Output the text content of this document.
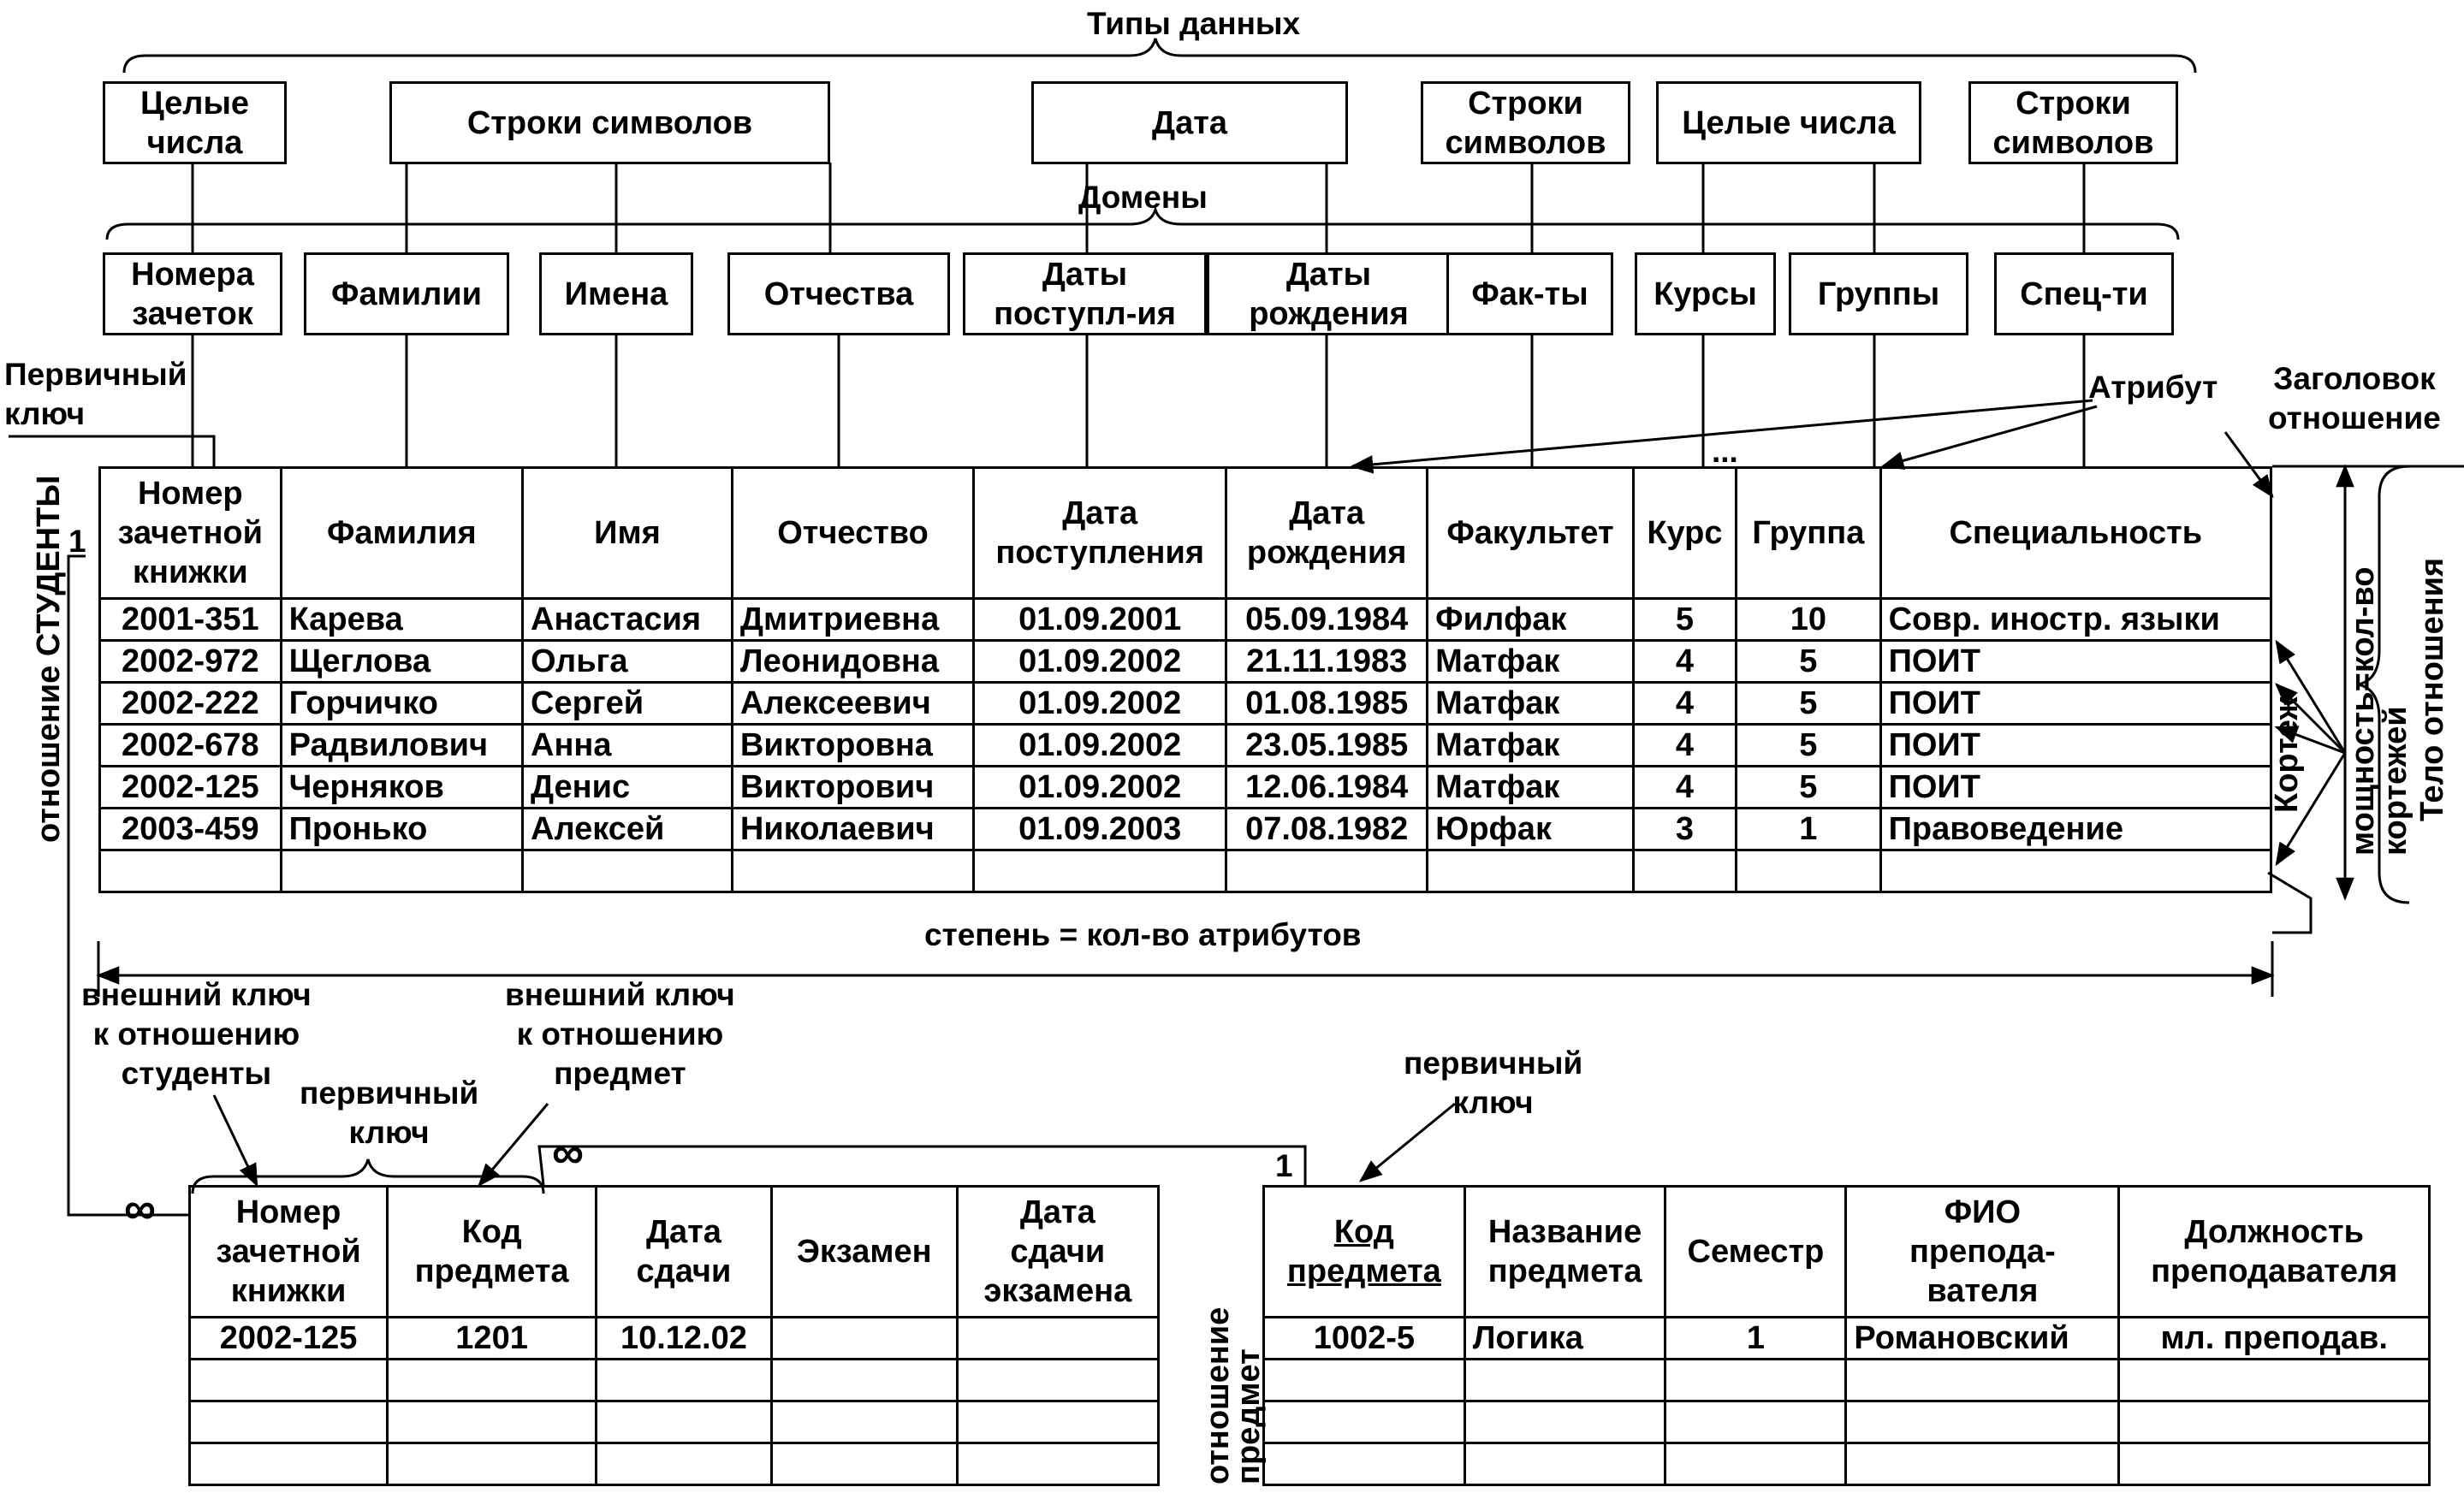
Типы данных
Домены
Целые
числа
Строки символов	Дата
Строки
символов
Целые числа
Строки
символов
Номера
зачеток
Фамилии	Имена	Отчества
Даты
поступл-ия
Даты
рождения
Фак-ты	Курсы	Группы	Спец-ти
Первичный
ключ
Атрибут Заголовок
отношение
...
1
отношение СТУДЕНТЫ	мощность=кол-во
кортежей
Кортеж	Тело отношения
отношение
предмет
Номер
зачетной
книжки	Фамилия	Имя	Отчество	Дата
поступления	Дата
рождения	Факультет	Курс	Группа	Специальность
2001-351	Карева	Анастасия	Дмитриевна	01.09.2001	05.09.1984	Филфак	5	10	Совр. иностр. языки
2002-972	Щеглова	Ольга	Леонидовна	01.09.2002	21.11.1983	Матфак	4	5	ПОИТ
2002-222	Горчичко	Сергей	Алексеевич	01.09.2002	01.08.1985	Матфак	4	5	ПОИТ
2002-678	Радвилович	Анна	Викторовна	01.09.2002	23.05.1985	Матфак	4	5	ПОИТ
2002-125	Черняков	Денис	Викторович	01.09.2002	12.06.1984	Матфак	4	5	ПОИТ
2003-459	Пронько	Алексей	Николаевич	01.09.2003	07.08.1982	Юрфак	3	1	Правоведение

степень = кол-во атрибутов
внешний ключ
к отношению
студенты
первичный
ключ
внешний ключ
к отношению
предмет	первичный
ключ
∞
∞	1
Номер
зачетной
книжки	Код
предмета	Дата
сдачи	Экзамен	Дата
сдачи
экзамена
2002-125	1201	10.12.02		

Код
предмета	Название
предмета	Семестр	ФИО
преподa-
вателя	Должность
преподавателя
1002-5	Логика	1	Романовский	мл. преподав.
